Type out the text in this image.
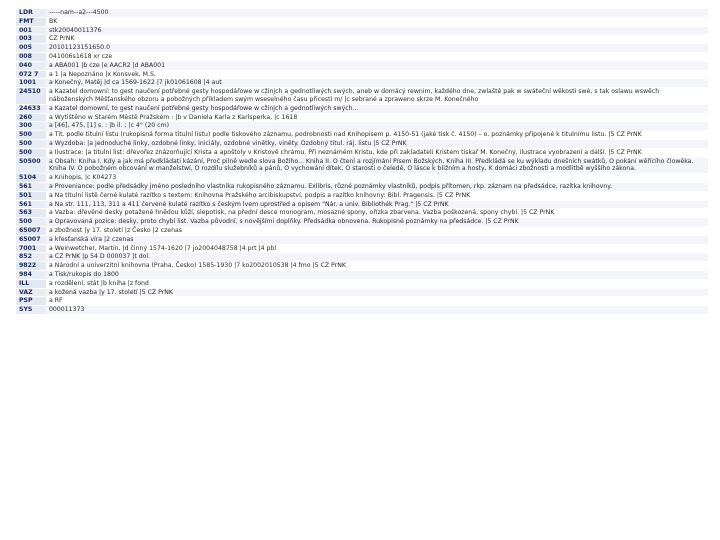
LDR	-----nam--a2---4500
FMT	BK
001	stk20040011376
003	CZ PrNK
005	20101123151650.0
008	041006s1618 xr cze
040	a ABA001 |b cze |e AACR2 |d ABA001
072 7	a 1 |a Nepoznáno |x Konsvek, M.S.
1001	a Konečný, Matěj |d ca 1569-1622 |7 jk01061608 |4 aut
24510	a Kazatel domowní: to gest naučení potřebné gesty hospodářowe w cžinjch a gednotliwých swých, aneb w domácý rewnim, každého dne, zwlaště pak w swáteční wěkosti swé, s tak oslawu wswěch náboženských Měšťanského obzoru a pobožných příkladem swým wseselného času přicestí m/ |c sebrané a zpraweno skrze M. Konečného
24633	a Kazatel domowní, to gest naučení potřebné gesty hospodářowe w cžinjch a gednotliwých swých...
260	a Wytištěno w Starém Městě Pražském : |b v Daniela Karla z Karlsperka, |c 1618
300	a [46], 475, [1] s. : |b il. ; |c 4° (20 cm)
500	a Tit. podle titulní listu (rukopisná forma titulní listu) podle tiskového záznamu, podrobnosti nad Knihopisem p. 4150-51 (jaké tisk č. 4150) – o. poznámky připojené k titulnímu listu. |5 CZ PrNK
500	a Wyzdoba: |a jednoduché linky, ozdobné linky, iniciály, ozdobné vinětky, viněty. Ozdobný titul. ráj. listu |5 CZ PrNK
500	a Ilustrace: |a titulní list: dřevořez znázorňující Krista a apoštoly v Kristově chrámu. Při neznámém Kristu, kde při zakladateli Kristem tiskař M. Konečný, ilustrace vyobrazení a další. |5 CZ PrNK
50500	a Obsah: Kniha I. Kdy a jak má předkládati kázání, Proč pilně wedle slova Božího... Kniha II. O čtení a rozjímání Písem Božských, Kniha III. Předkládá se ku wýkladu dnešních swátků, O pokání wěřícího člowěka. Kniha IV. O pobožném obcování w manželstwí, O rozdílu služebníků a pánů, O vychowání dítek, O starosti o čeledě, O lásce k bližním a hosty, K domáci zbožnosti a modlitbě wyššího zákona.
5104	a Knihopis, |c K04273
561	a Proveniance: podle předsádky jméno posledního vlastníka rukopisného záznamu. Exlibris, různé poznámky vlastníků, podpis přítomen, rkp. záznam na předsádce, razítka knihovny.
501	a Na titulní listě černé kulaté razítko s textem: Knihovna Pražského arcibiskupství, podpis a razítko knihovny: Bibl. Pragensis. |5 CZ PrNK
561	a Na str. 111, 113, 311 a 411 červené kulaté razítko s českým lvem uprostřed a opisem "Nár. a univ. Bibliothék Prag." |5 CZ PrNK
563	a Vazba: dřevěné desky potažené hnědou kůží, slepotisk, na přední desce monogram, mosazné spony, ořízka zbarvena. Vazba poškozená, spony chybí. |5 CZ PrNK
500	a Opravovaná pozice: desky, proto chybí list. Vazba původní, s novějšími doplňky. Předsádka obnovena. Rukopisné poznámky na předsádce. |5 CZ PrNK
65007	a zbožnost |y 17. století |z Česko |2 czenas
65007	a křesťanská víra |2 czenas
7001	a Weinwetcher, Martin, |d činný 1574-1620 |7 jo2004048758 |4 prt |4 pbl
852	a CZ PrNK |p 54 D 000037 |t dol.
9822	a Národní a univerzitní knihovna (Praha, Česko) 1585-1930 |7 ko2002010538 |4 fmo |5 CZ PrNK
984	a Tisk/rukopis do 1800
ILL	a rozdělení, stát |b kniha |z fond
VAZ	a kožená vazba |y 17. století |5 CZ PrNK
PSP	a RF
SYS	000011373
